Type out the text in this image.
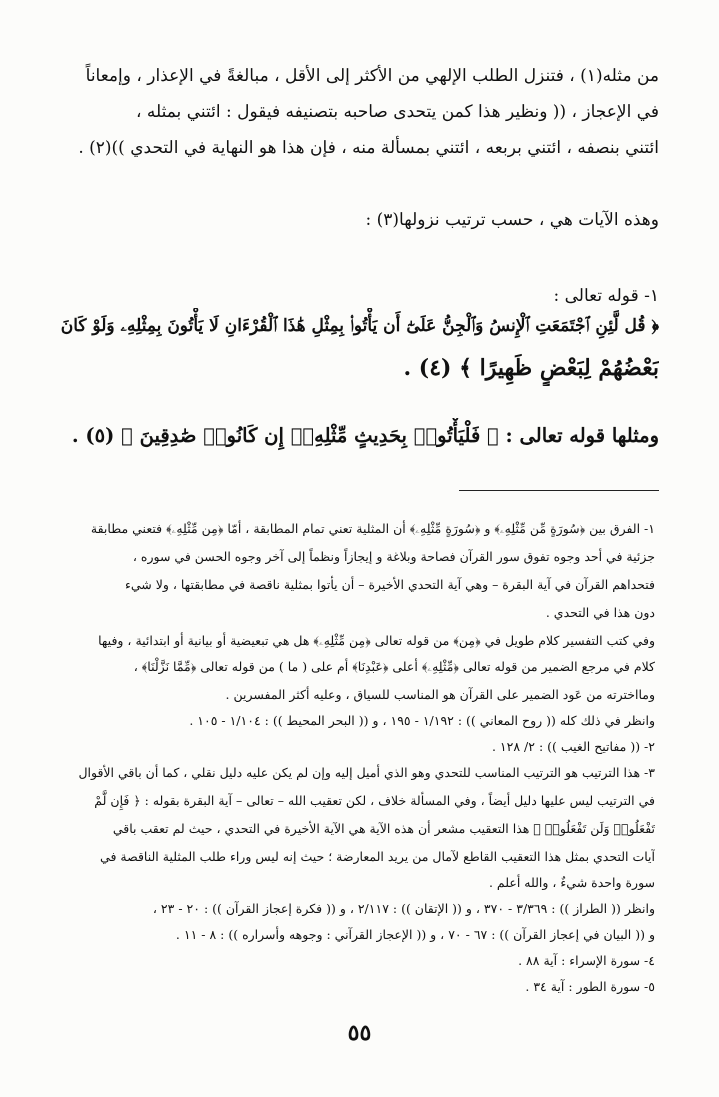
من مثله(١) ، فتنزل الطلب الإلهي من الأكثر إلى الأقل ، مبالغةً في الإعذار ، وإمعاناً
في الإعجاز ، (( ونظير هذا كمن يتحدى صاحبه بتصنيفه فيقول : ائتني بمثله ،
ائتني بنصفه ، ائتني بربعه ، ائتني بمسألة منه ، فإن هذا هو النهاية في التحدي ))(٢) .
وهذه الآيات هي ، حسب ترتيب نزولها(٣) :
١- قوله تعالى :
﴿ قُل لَّئِنِ ٱجْتَمَعَتِ ٱلْإِنسُ وَٱلْجِنُّ عَلَىٰٓ أَن يَأْتُوا۟ بِمِثْلِ هَٰذَا ٱلْقُرْءَانِ لَا يَأْتُونَ بِمِثْلِهِۦ وَلَوْ كَانَ
بَعْضُهُمْ لِبَعْضٍ ظَهِيرًا ﴾ (٤) .
ومثلها قوله تعالى : ﴿ فَلْيَأْتُوا۟ بِحَدِيثٍ مِّثْلِهِۦٓ إِن كَانُوا۟ صَٰدِقِينَ ﴾ (٥) .
١- الفرق بين ﴿سُورَةٍ مِّن مِّثْلِهِۦ﴾ و ﴿سُورَةٍ مِّثْلِهِۦ﴾ أن المثلية تعني تمام المطابقة ، أمّا ﴿مِن مِّثْلِهِۦ﴾ فتعني مطابقة
جزئية في أحد وجوه تفوق سور القرآن فصاحة وبلاغة و إيجازاً ونظماً إلى آخر وجوه الحسن في سوره ،
فتحداهم القرآن في آية البقرة – وهي آية التحدي الأخيرة – أن يأتوا بمثلية ناقصة في مطابقتها ، ولا شيء
دون هذا في التحدي .
وفي كتب التفسير كلام طويل في ﴿مِن﴾ من قوله تعالى ﴿مِن مِّثْلِهِۦ﴾ هل هي تبعيضية أو بيانية أو ابتدائية ، وفيها
كلام في مرجع الضمير من قوله تعالى ﴿مِّثْلِهِۦ﴾ أعلى ﴿عَبْدِنَا﴾ أم على ( ما ) من قوله تعالى ﴿مِّمَّا نَزَّلْنَا﴾ ،
ومااخترته من عَود الضمير على القرآن هو المناسب للسياق ، وعليه أكثر المفسرين .
وانظر في ذلك كله (( روح المعاني )) : ١/١٩٢ - ١٩٥ ، و (( البحر المحيط )) : ١/١٠٤ - ١٠٥ .
٢- (( مفاتيح الغيب )) : ٢/ ١٢٨ .
٣- هذا الترتيب هو الترتيب المناسب للتحدي وهو الذي أميل إليه وإن لم يكن عليه دليل نقلي ، كما أن باقي الأقوال
في الترتيب ليس عليها دليل أيضاً ، وفي المسألة خلاف ، لكن تعقيب الله – تعالى – آية البقرة بقوله : ﴿ فَإِن لَّمْ
تَفْعَلُوا۟ وَلَن تَفْعَلُوا۟ ﴾ هذا التعقيب مشعر أن هذه الآية هي الآية الأخيرة في التحدي ، حيث لم تعقب باقي
آيات التحدي بمثل هذا التعقيب القاطع لآمال من يريد المعارضة ؛ حيث إنه ليس وراء طلب المثلية الناقصة في
سورة واحدة شيءٌ ، والله أعلم .
وانظر (( الطراز )) : ٣/٣٦٩ - ٣٧٠ ، و (( الإتقان )) : ٢/١١٧ ، و (( فكرة إعجاز القرآن )) : ٢٠ - ٢٣ ،
و (( البيان في إعجاز القرآن )) : ٦٧ - ٧٠ ، و (( الإعجاز القرآني : وجوهه وأسراره )) : ٨ - ١١ .
٤- سورة الإسراء : آية ٨٨ .
٥- سورة الطور : آية ٣٤ .
٥٥
